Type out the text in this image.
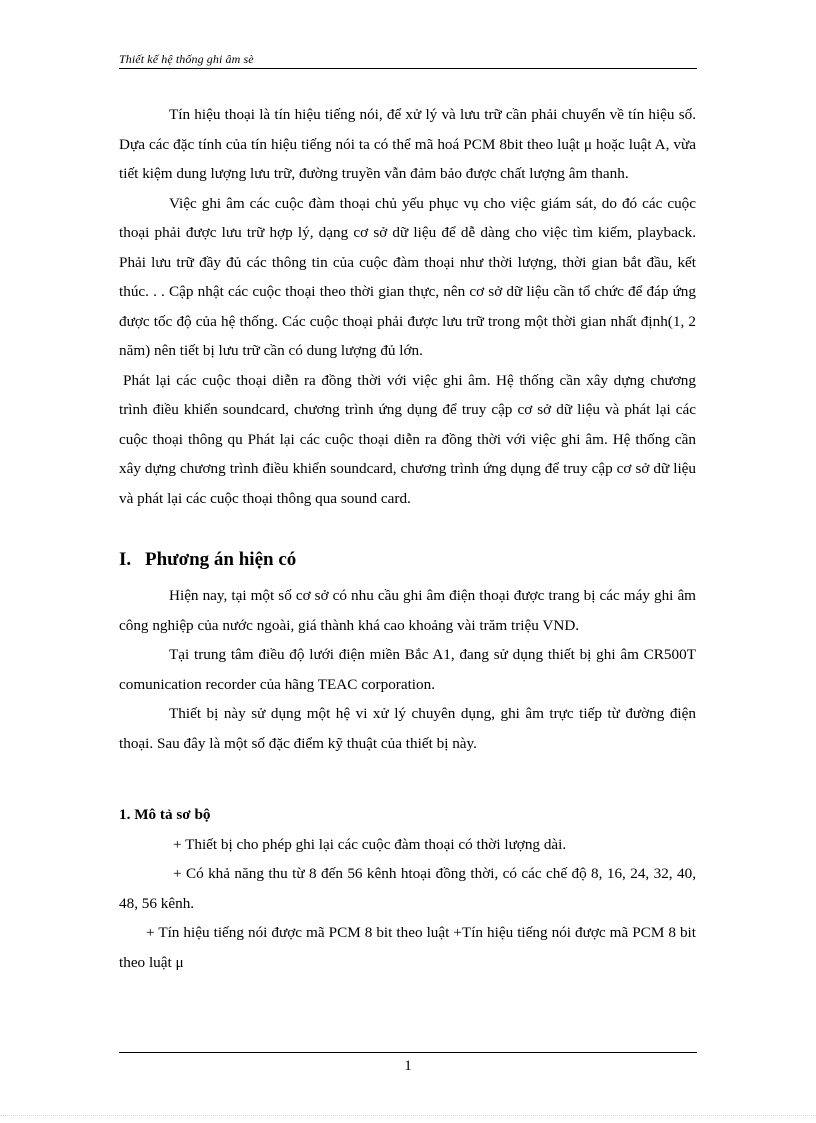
Thiết kế hệ thống ghi âm sè

Tín hiệu thoại là tín hiệu tiếng nói, để xử lý và lưu trữ cần phải chuyển về tín hiệu số. Dựa các đặc tính của tín hiệu tiếng nói ta có thể mã hoá PCM 8bit theo luật μ hoặc luật A, vừa tiết kiệm dung lượng lưu trữ, đường truyền vẫn đảm bảo được chất lượng âm thanh.

Việc ghi âm các cuộc đàm thoại chủ yếu phục vụ cho việc giám sát, do đó các cuộc thoại phải được lưu trữ hợp lý, dạng cơ sở dữ liệu để dễ dàng cho việc tìm kiếm, playback. Phải lưu trữ đầy đủ các thông tin của cuộc đàm thoại như thời lượng, thời gian bắt đầu, kết thúc. . . Cập nhật các cuộc thoại theo thời gian thực, nên cơ sở dữ liệu cần tổ chức để đáp ứng được tốc độ của hệ thống. Các cuộc thoại phải được lưu trữ trong một thời gian nhất định(1, 2 năm) nên tiết bị lưu trữ cần có dung lượng đủ lớn.

Phát lại các cuộc thoại diễn ra đồng thời với việc ghi âm. Hệ thống cần xây dựng chương trình điều khiển soundcard, chương trình ứng dụng để truy cập cơ sở dữ liệu và phát lại các cuộc thoại thông qu Phát lại các cuộc thoại diễn ra đồng thời với việc ghi âm. Hệ thống cần xây dựng chương trình điều khiển soundcard, chương trình ứng dụng để truy cập cơ sở dữ liệu và phát lại các cuộc thoại thông qua sound card.

I. Phương án hiện có

Hiện nay, tại một số cơ sở có nhu cầu ghi âm điện thoại được trang bị các máy ghi âm công nghiệp của nước ngoài, giá thành khá cao khoảng vài trăm triệu VND.

Tại trung tâm điều độ lưới điện miền Bắc A1, đang sử dụng thiết bị ghi âm CR500T comunication recorder của hãng TEAC corporation.

Thiết bị này sử dụng một hệ vi xử lý chuyên dụng, ghi âm trực tiếp từ đường điện thoại. Sau đây là một số đặc điểm kỹ thuật của thiết bị này.

1. Mô tả sơ bộ

+ Thiết bị cho phép ghi lại các cuộc đàm thoại có thời lượng dài.

+ Có khả năng thu từ 8 đến 56 kênh htoại đồng thời, có các chế độ 8, 16, 24, 32, 40, 48, 56 kênh.

+ Tín hiệu tiếng nói được mã PCM 8 bit theo luật +Tín hiệu tiếng nói được mã PCM 8 bit theo luật μ

1
